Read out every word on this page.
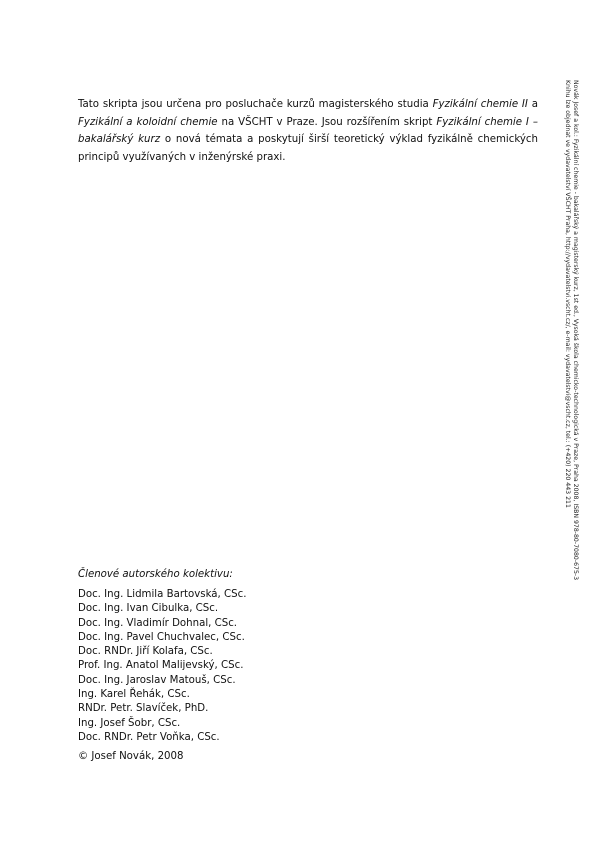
Tato skripta jsou určena pro posluchače kurzů magisterského studia Fyzikální chemie II a Fyzikální a koloidní chemie na VŠCHT v Praze. Jsou rozšířením skript Fyzikální chemie I – bakalářský kurz o nová témata a poskytují širší teoretický výklad fyzikálně chemických principů využívaných v inženýrské praxi.	Novák Josef a kol.: Fyzikální chemie - bakalářský a magisterský kurz, 1st ed., Vysoká škola chemicko-technologická v Praze, Praha 2008, ISBN 978-80-7080-675-3
Knihu lze objednat ve vydavatelství VŠCHT Praha, http://vydavatelstvi.vscht.cz/, e-mail: vydavatelstvi@vscht.cz, tel.: (+420) 220 443 211
Členové autorského kolektivu:
Doc. Ing. Lidmila Bartovská, CSc.
Doc. Ing. Ivan Cibulka, CSc.
Doc. Ing. Vladimír Dohnal, CSc.
Doc. Ing. Pavel Chuchvalec, CSc.
Doc. RNDr. Jiří Kolafa, CSc.
Prof. Ing. Anatol Malijevský, CSc.
Doc. Ing. Jaroslav Matouš, CSc.
Ing. Karel Řehák, CSc.
RNDr. Petr. Slavíček, PhD.
Ing. Josef Šobr, CSc.
Doc. RNDr. Petr Voňka, CSc.
© Josef Novák, 2008
